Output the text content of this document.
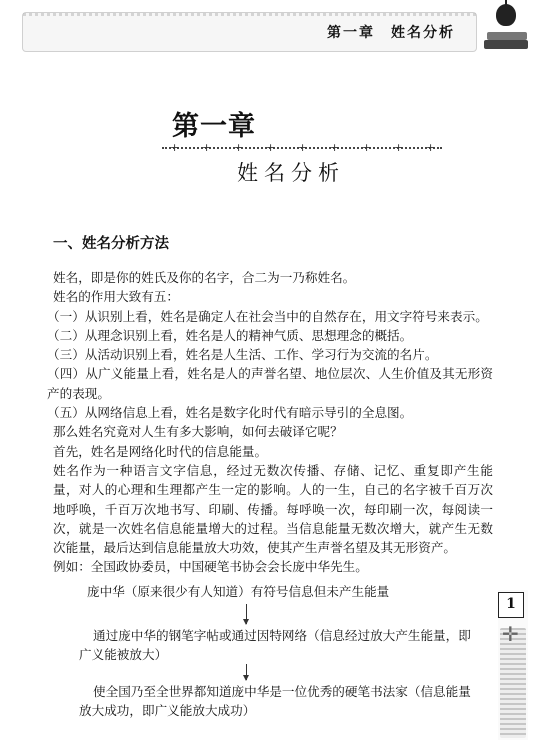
第一章　姓名分析
第一章
+ + + + + + + + +
姓名分析
一、姓名分析方法

姓名，即是你的姓氏及你的名字，合二为一乃称姓名。

姓名的作用大致有五：

（一）从识别上看，姓名是确定人在社会当中的自然存在，用文字符号来表示。

（二）从理念识别上看，姓名是人的精神气质、思想理念的概括。

（三）从活动识别上看，姓名是人生活、工作、学习行为交流的名片。

（四）从广义能量上看，姓名是人的声誉名望、地位层次、人生价值及其无形资产的表现。

（五）从网络信息上看，姓名是数字化时代有暗示导引的全息图。

那么姓名究竟对人生有多大影响，如何去破译它呢？

首先，姓名是网络化时代的信息能量。

姓名作为一种语言文字信息，经过无数次传播、存储、记忆、重复即产生能量，对人的心理和生理都产生一定的影响。人的一生，自己的名字被千百万次地呼唤，千百万次地书写、印刷、传播。每呼唤一次，每印刷一次，每阅读一次，就是一次姓名信息能量增大的过程。当信息能量无数次增大，就产生无数次能量，最后达到信息能量放大功效，使其产生声誉名望及其无形资产。

例如：全国政协委员，中国硬笔书协会会长庞中华先生。

庞中华（原来很少有人知道）有符号信息但未产生能量
通过庞中华的钢笔字帖或通过因特网络（信息经过放大产生能量，即广义能被放大）
使全国乃至全世界都知道庞中华是一位优秀的硬笔书法家（信息能量放大成功，即广义能放大成功）
✛
1
